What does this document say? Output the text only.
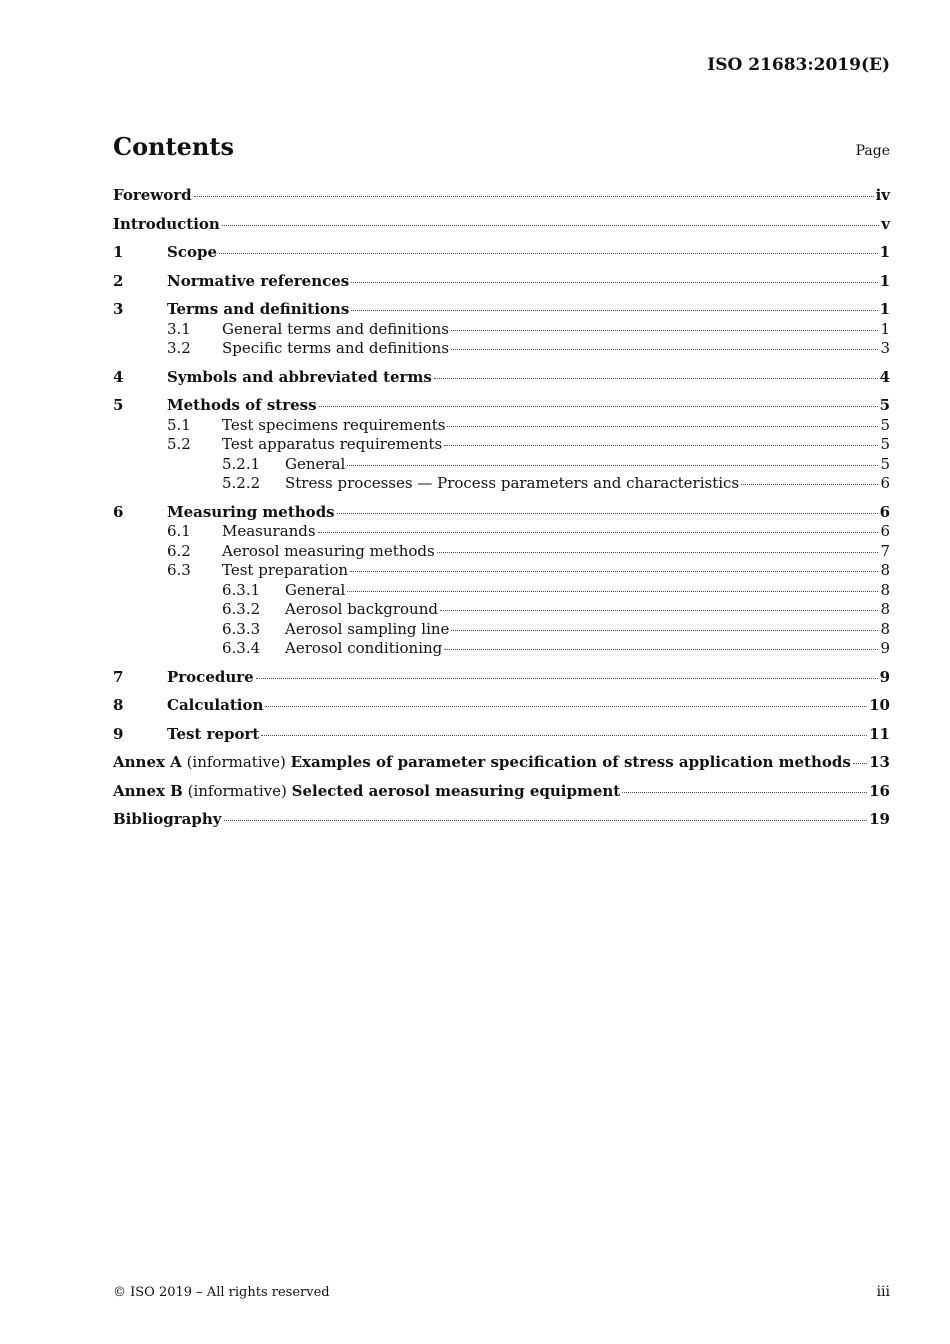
ISO 21683:2019(E)
Contents	Page
Foreword	iv
Introduction	v
1	Scope	1
2	Normative references	1
3	Terms and definitions	1
3.1	General terms and definitions	1
3.2	Specific terms and definitions	3
4	Symbols and abbreviated terms	4
5	Methods of stress	5
5.1	Test specimens requirements	5
5.2	Test apparatus requirements	5
5.2.1	General	5
5.2.2	Stress processes — Process parameters and characteristics	6
6	Measuring methods	6
6.1	Measurands	6
6.2	Aerosol measuring methods	7
6.3	Test preparation	8
6.3.1	General	8
6.3.2	Aerosol background	8
6.3.3	Aerosol sampling line	8
6.3.4	Aerosol conditioning	9
7	Procedure	9
8	Calculation	10
9	Test report	11
Annex A (informative) Examples of parameter specification of stress application methods 13
Annex B (informative) Selected aerosol measuring equipment	16
Bibliography	19
© ISO 2019 – All rights reserved	iii
